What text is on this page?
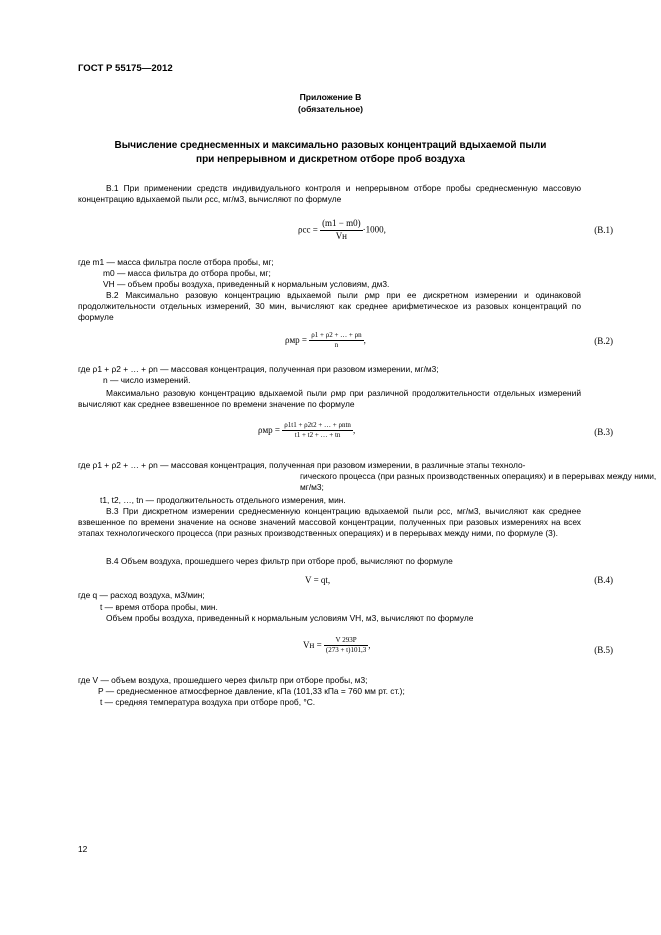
ГОСТ Р 55175—2012
Приложение В
(обязательное)
Вычисление среднесменных и максимально разовых концентраций вдыхаемой пыли
при непрерывном и дискретном отборе проб воздуха
В.1 При применении средств индивидуального контроля и непрерывном отборе пробы среднесменную массовую концентрацию вдыхаемой пыли ρсс, мг/м3, вычисляют по формуле
$\rho сс = \frac{(m1 - m0)}{Vн} \cdot 1000$,	(В.1)
где m1 — масса фильтра после отбора пробы, мг;
m0 — масса фильтра до отбора пробы, мг;
VН — объем пробы воздуха, приведенный к нормальным условиям, дм3.
В.2 Максимально разовую концентрацию вдыхаемой пыли ρмр при ее дискретном измерении и одинаковой продолжительности отдельных измерений, 30 мин, вычисляют как среднее арифметическое из разовых концентраций по формуле
$\rho мр = \frac{\rho 1 + \rho 2 + \dots + \rho n}{n}$ ,	(В.2)
где ρ1 + ρ2 + … + ρn — массовая концентрация, полученная при разовом измерении, мг/м3;
n — число измерений.
Максимально разовую концентрацию вдыхаемой пыли ρмр при различной продолжительности отдельных измерений вычисляют как среднее взвешенное по времени значение по формуле
$\rho мр = \frac{\text{ρ1t1 + ρ2t2 + … + ρntn}}{t1 + t2 + \dots + tn}$ ,	(В.3)
где ρ1 + ρ2 + … + ρn — массовая концентрация, полученная при разовом измерении, в различные этапы техноло-
гического процесса (при разных производственных операциях) и в перерывах между ними,
мг/м3;
t1, t2, …, tn — продолжительность отдельного измерения, мин.
В.3 При дискретном измерении среднесменную концентрацию вдыхаемой пыли ρсс, мг/м3, вычисляют как среднее взвешенное по времени значение на основе значений массовой концентрации, полученных при разовых измерениях на всех этапах технологического процесса (при разных производственных операциях) и в перерывах между ними, по формуле (3).
В.4 Объем воздуха, прошедшего через фильтр при отборе проб, вычисляют по формуле
V = qt,	(В.4)
где q — расход воздуха, м3/мин;
t — время отбора пробы, мин.
Объем пробы воздуха, приведенный к нормальным условиям VН, м3, вычисляют по формуле
Vн = $\frac{V 293P}{(273 + t)101,3}$ ,
(В.5)
где V — объем воздуха, прошедшего через фильтр при отборе пробы, м3;
P — среднесменное атмосферное давление, кПа (101,33 кПа = 760 мм рт. ст.);
t — средняя температура воздуха при отборе проб, °С.
12
